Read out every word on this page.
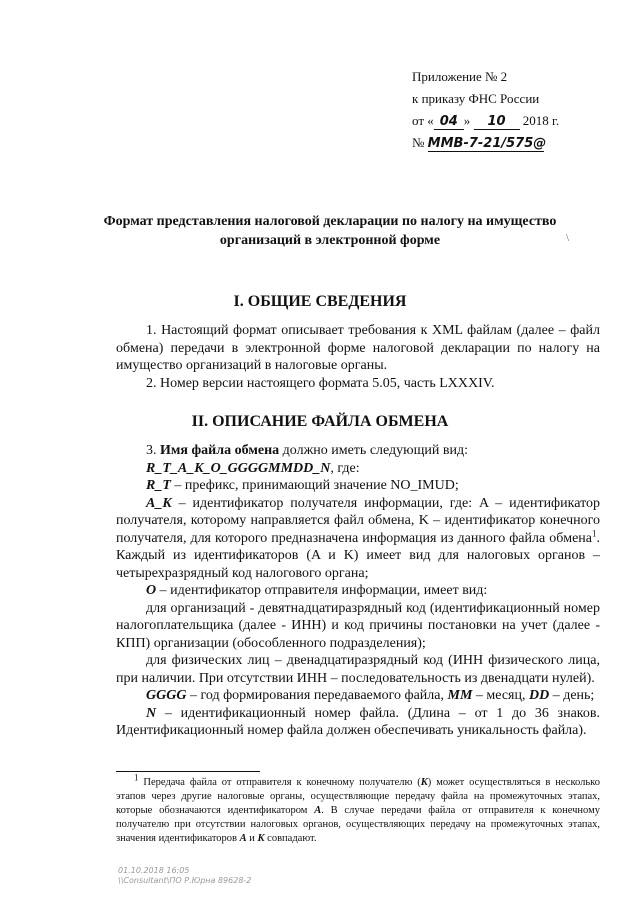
Приложение № 2
к приказу ФНС России
от « 04 » 10 2018 г.
№ ММВ-7-21/575@
\
Формат представления налоговой декларации по налогу на имущество организаций в электронной форме
I. ОБЩИЕ СВЕДЕНИЯ

1. Настоящий формат описывает требования к XML файлам (далее – файл обмена) передачи в электронной форме налоговой декларации по налогу на имущество организаций в налоговые органы.

2. Номер версии настоящего формата 5.05, часть LXXXIV.

II. ОПИСАНИЕ ФАЙЛА ОБМЕНА

3. Имя файла обмена должно иметь следующий вид:

R_T_A_K_O_GGGGMMDD_N, где:

R_T – префикс, принимающий значение NO_IMUD;

A_K – идентификатор получателя информации, где: A – идентификатор получателя, которому направляется файл обмена, K – идентификатор конечного получателя, для которого предназначена информация из данного файла обмена$^1$. Каждый из идентификаторов (A и K) имеет вид для налоговых органов – четырехразрядный код налогового органа;

O – идентификатор отправителя информации, имеет вид:

для организаций - девятнадцатиразрядный код (идентификационный номер налогоплательщика (далее - ИНН) и код причины постановки на учет (далее - КПП) организации (обособленного подразделения);

для физических лиц – двенадцатиразрядный код (ИНН физического лица, при наличии. При отсутствии ИНН – последовательность из двенадцати нулей).

GGGG – год формирования передаваемого файла, MM – месяц, DD – день;

N – идентификационный номер файла. (Длина – от 1 до 36 знаков. Идентификационный номер файла должен обеспечивать уникальность файла).

$^1$ Передача файла от отправителя к конечному получателю (K) может осуществляться в несколько этапов через другие налоговые органы, осуществляющие передачу файла на промежуточных этапах, которые обозначаются идентификатором A. В случае передачи файла от отправителя к конечному получателю при отсутствии налоговых органов, осуществляющих передачу на промежуточных этапах, значения идентификаторов A и K совпадают.

01.10.2018 16:05
\\Consultant\ПО Р.Юрна 89628-2
